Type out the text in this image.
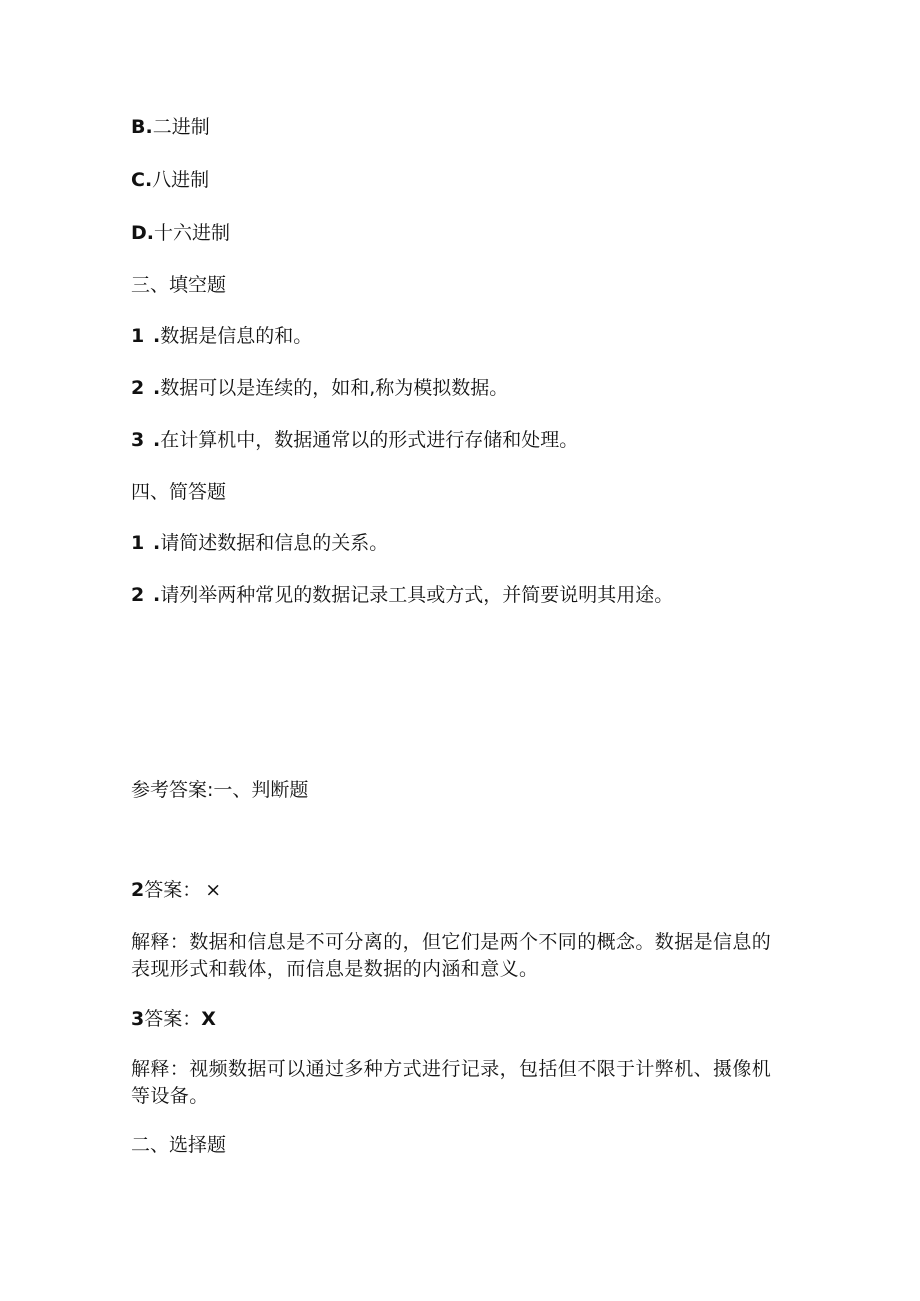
B.二进制
C.八进制
D.十六进制
三、填空题
1 .数据是信息的和。
2 .数据可以是连续的，如和,称为模拟数据。
3 .在计算机中，数据通常以的形式进行存储和处理。
四、简答题
1 .请简述数据和信息的关系。
2 .请列举两种常见的数据记录工具或方式，并简要说明其用途。
参考答案:一、判断题
2答案： ×
解释：数据和信息是不可分离的，但它们是两个不同的概念。数据是信息的表现形式和载体，而信息是数据的内涵和意义。
3答案：X
解释：视频数据可以通过多种方式进行记录，包括但不限于计弊机、摄像机等设备。
二、选择题
